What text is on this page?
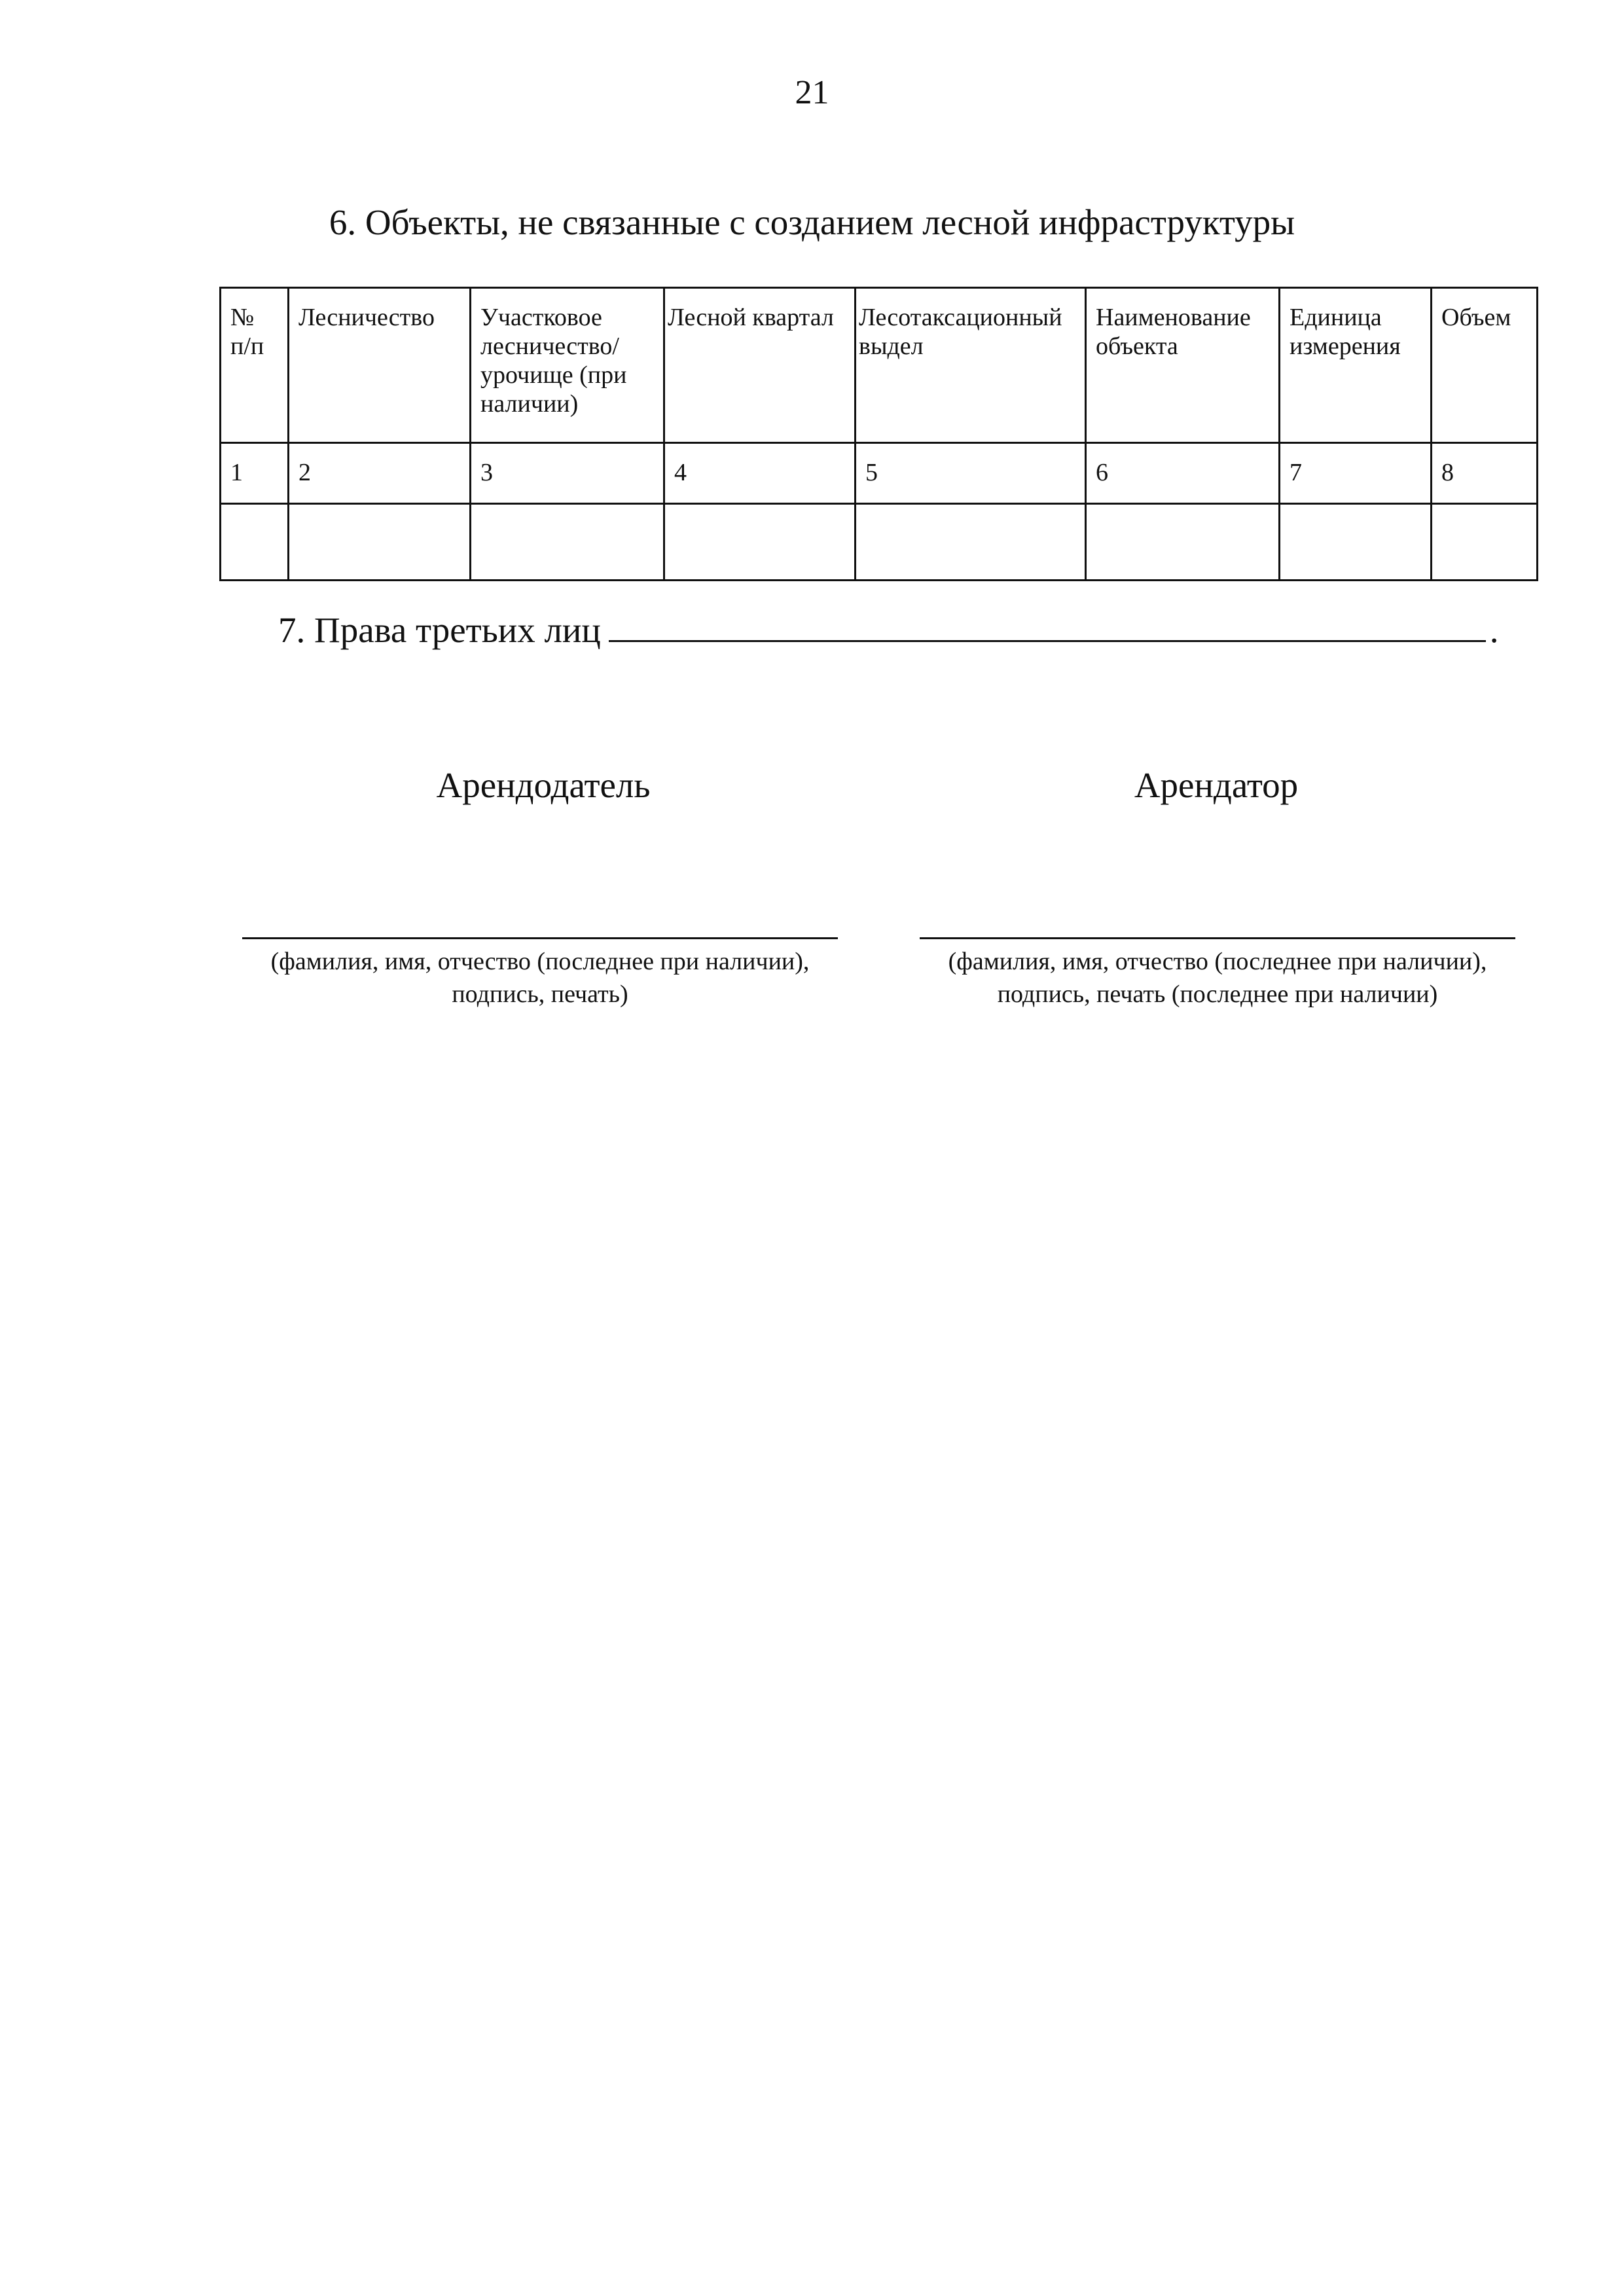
21
6. Объекты, не связанные с созданием лесной инфраструктуры
№ п/п	Лесничество	Участковое лесничество/ урочище (при наличии)	Лесной квартал	Лесотаксационный выдел	Наименование объекта	Единица измерения	Объем
1	2	3	4	5	6	7	8

7. Права третьих лиц	.
Арендодатель	Арендатор
(фамилия, имя, отчество (последнее при наличии),
подпись, печать)
(фамилия, имя, отчество (последнее при наличии),
подпись, печать (последнее при наличии)
